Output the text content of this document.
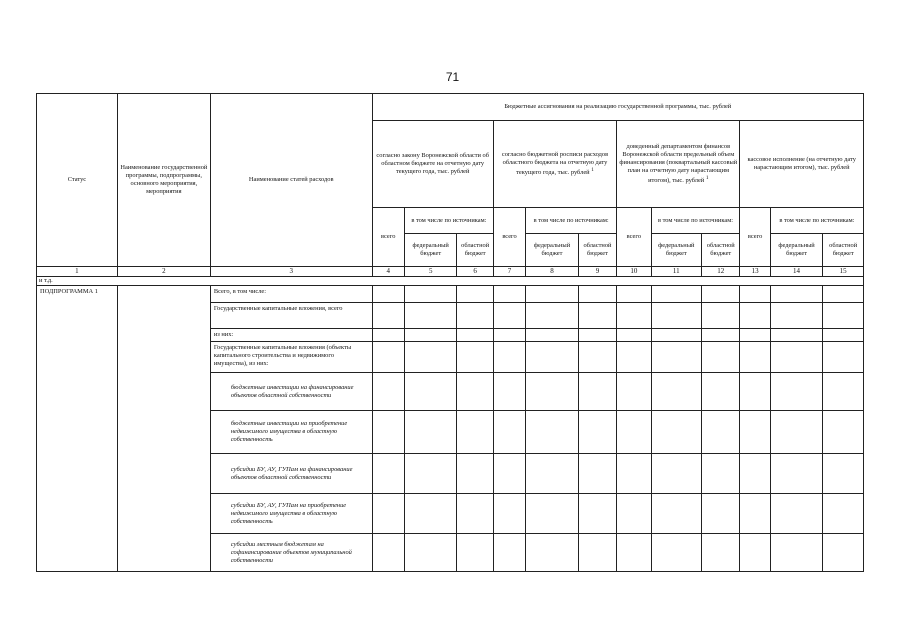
71
Статус	Наименование государственной программы, подпрограммы, основного мероприятия, мероприятия	Наименование статей расходов	Бюджетные ассигнования на реализацию государственной программы, тыс. рублей											
			согласно закону Воронежской области об областном бюджете на отчетную дату текущего года, тыс. рублей			согласно бюджетной росписи расходов областного бюджета на отчетную дату текущего года, тыс. рублей $^1$			доведенный департаментом финансов Воронежской области предельный объем финансирования (поквартальный кассовый план на отчетную дату нарастающим итогом), тыс. рублей $^1$			кассовое исполнение (на отчетную дату нарастающим итогом), тыс. рублей		
			всего	в том числе по источникам:		всего	в том числе по источникам:		всего	в том числе по источникам:		всего	в том числе по источникам:	
				федеральный бюджет	областной бюджет		федеральный бюджет	областной бюджет		федеральный бюджет	областной бюджет		федеральный бюджет	областной бюджет
1	2	3	4	5	6	7	8	9	10	11	12	13	14	15
и т.д.														
ПОДПРОГРАММА 1		Всего, в том числе:												
		Государственные капитальные вложения, всего												
		из них:												
		Государственные капитальные вложения (объекты капитального строительства и недвижимого имущества), из них:												
		бюджетные инвестиции на финансирование объектов областной собственности												
		бюджетные инвестиции на приобретение недвижимого имущества в областную собственность												
		субсидии БУ, АУ, ГУПам на финансирование объектов областной собственности												
		субсидии БУ, АУ, ГУПам на приобретение недвижимого имущества в областную собственность												
		субсидии местным бюджетам на софинансирование объектов муниципальной собственности												
